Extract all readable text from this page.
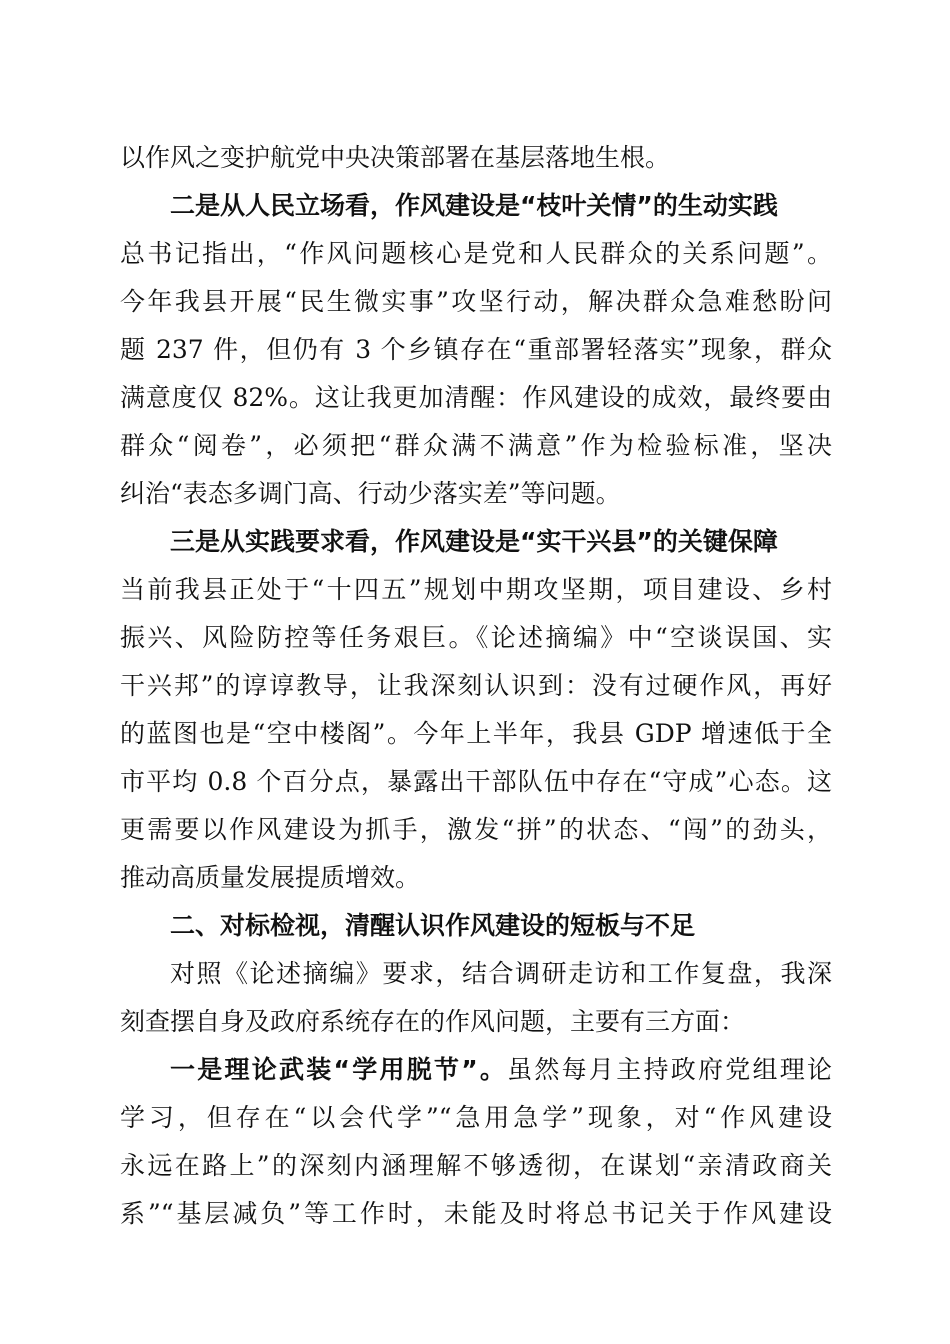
以作风之变护航党中央决策部署在基层落地生根。
二是从人民立场看，作风建设是“枝叶关情”的生动实践
总书记指出，“作风问题核心是党和人民群众的关系问题”。
今年我县开展“民生微实事”攻坚行动，解决群众急难愁盼问
题 237 件，但仍有 3 个乡镇存在“重部署轻落实”现象，群众
满意度仅 82%。这让我更加清醒：作风建设的成效，最终要由
群众“阅卷”，必须把“群众满不满意”作为检验标准，坚决
纠治“表态多调门高、行动少落实差”等问题。
三是从实践要求看，作风建设是“实干兴县”的关键保障
当前我县正处于“十四五”规划中期攻坚期，项目建设、乡村
振兴、风险防控等任务艰巨。《论述摘编》中“空谈误国、实
干兴邦”的谆谆教导，让我深刻认识到：没有过硬作风，再好
的蓝图也是“空中楼阁”。今年上半年，我县 GDP 增速低于全
市平均 0.8 个百分点，暴露出干部队伍中存在“守成”心态。这
更需要以作风建设为抓手，激发“拼”的状态、“闯”的劲头，
推动高质量发展提质增效。
二、对标检视，清醒认识作风建设的短板与不足
对照《论述摘编》要求，结合调研走访和工作复盘，我深
刻查摆自身及政府系统存在的作风问题，主要有三方面：
一是理论武装“学用脱节”。虽然每月主持政府党组理论
学习，但存在“以会代学”“急用急学”现象，对“作风建设
永远在路上”的深刻内涵理解不够透彻，在谋划“亲清政商关
系”“基层减负”等工作时，未能及时将总书记关于作风建设
